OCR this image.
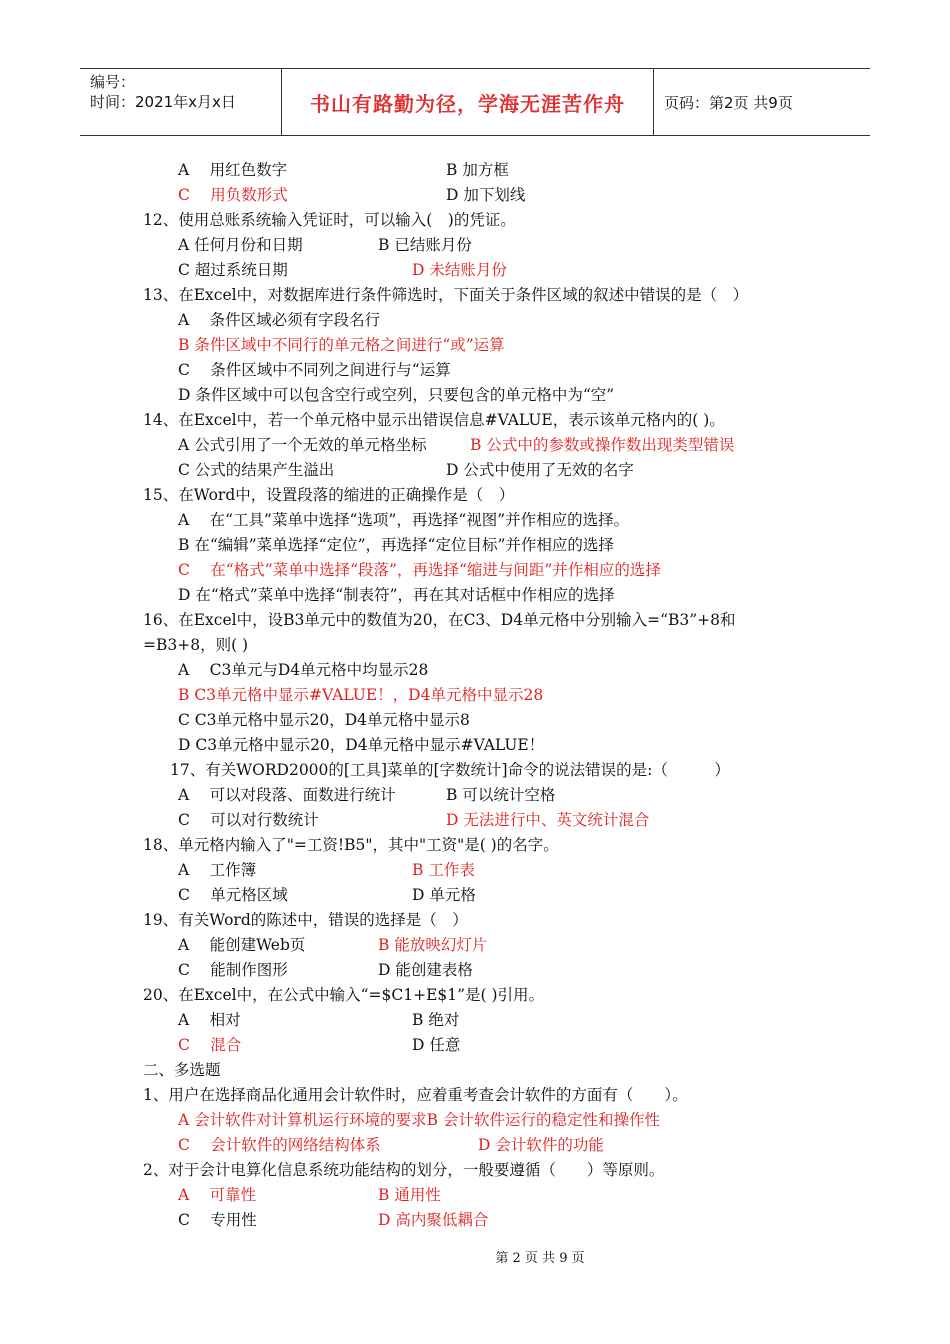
编号：
时间：2021年x月x日	书山有路勤为径，学海无涯苦作舟	页码：第2页 共9页
A　 用红色数字	B 加方框
C　 用负数形式	D 加下划线
12、使用总账系统输入凭证时，可以输入(　)的凭证。
A 任何月份和日期	B 已结账月份
C 超过系统日期	D 未结账月份
13、在Excel中，对数据库进行条件筛选时，下面关于条件区域的叙述中错误的是（　）
A　 条件区域必须有字段名行
B 条件区域中不同行的单元格之间进行“或”运算
C　 条件区域中不同列之间进行与“运算
D 条件区域中可以包含空行或空列，只要包含的单元格中为“空”
14、在Excel中，若一个单元格中显示出错误信息#VALUE，表示该单元格内的( )。
A 公式引用了一个无效的单元格坐标	B 公式中的参数或操作数出现类型错误
C 公式的结果产生溢出	D 公式中使用了无效的名字
15、在Word中，设置段落的缩进的正确操作是（　）
A　 在“工具”菜单中选择“选项”，再选择“视图”并作相应的选择。
B 在“编辑”菜单选择“定位”，再选择“定位目标”并作相应的选择
C　 在“格式”菜单中选择“段落”，再选择“缩进与间距”并作相应的选择
D 在“格式”菜单中选择“制表符”，再在其对话框中作相应的选择
16、在Excel中，设B3单元中的数值为20，在C3、D4单元格中分别输入=“B3”+8和
=B3+8，则( )
A　 C3单元与D4单元格中均显示28
B C3单元格中显示#VALUE！，D4单元格中显示28
C C3单元格中显示20，D4单元格中显示8
D C3单元格中显示20，D4单元格中显示#VALUE！
17、有关WORD2000的[工具]菜单的[字数统计]命令的说法错误的是:（　　　）
A　 可以对段落、面数进行统计	B 可以统计空格
C　 可以对行数统计	D 无法进行中、英文统计混合
18、单元格内输入了"=工资!B5"，其中"工资"是( )的名字。
A　 工作簿	B 工作表
C　 单元格区域	D 单元格
19、有关Word的陈述中，错误的选择是（　）
A　 能创建Web页	B 能放映幻灯片
C　 能制作图形	D 能创建表格
20、在Excel中，在公式中输入“=$C1+E$1”是( )引用。
A　 相对	B 绝对
C　 混合	D 任意
二、多选题
1、用户在选择商品化通用会计软件时，应着重考查会计软件的方面有（　　）。
A 会计软件对计算机运行环境的要求B 会计软件运行的稳定性和操作性
C　 会计软件的网络结构体系	D 会计软件的功能
2、对于会计电算化信息系统功能结构的划分，一般要遵循（　　）等原则。
A　 可靠性	B 通用性
C　 专用性	D 高内聚低耦合
第 2 页 共 9 页
